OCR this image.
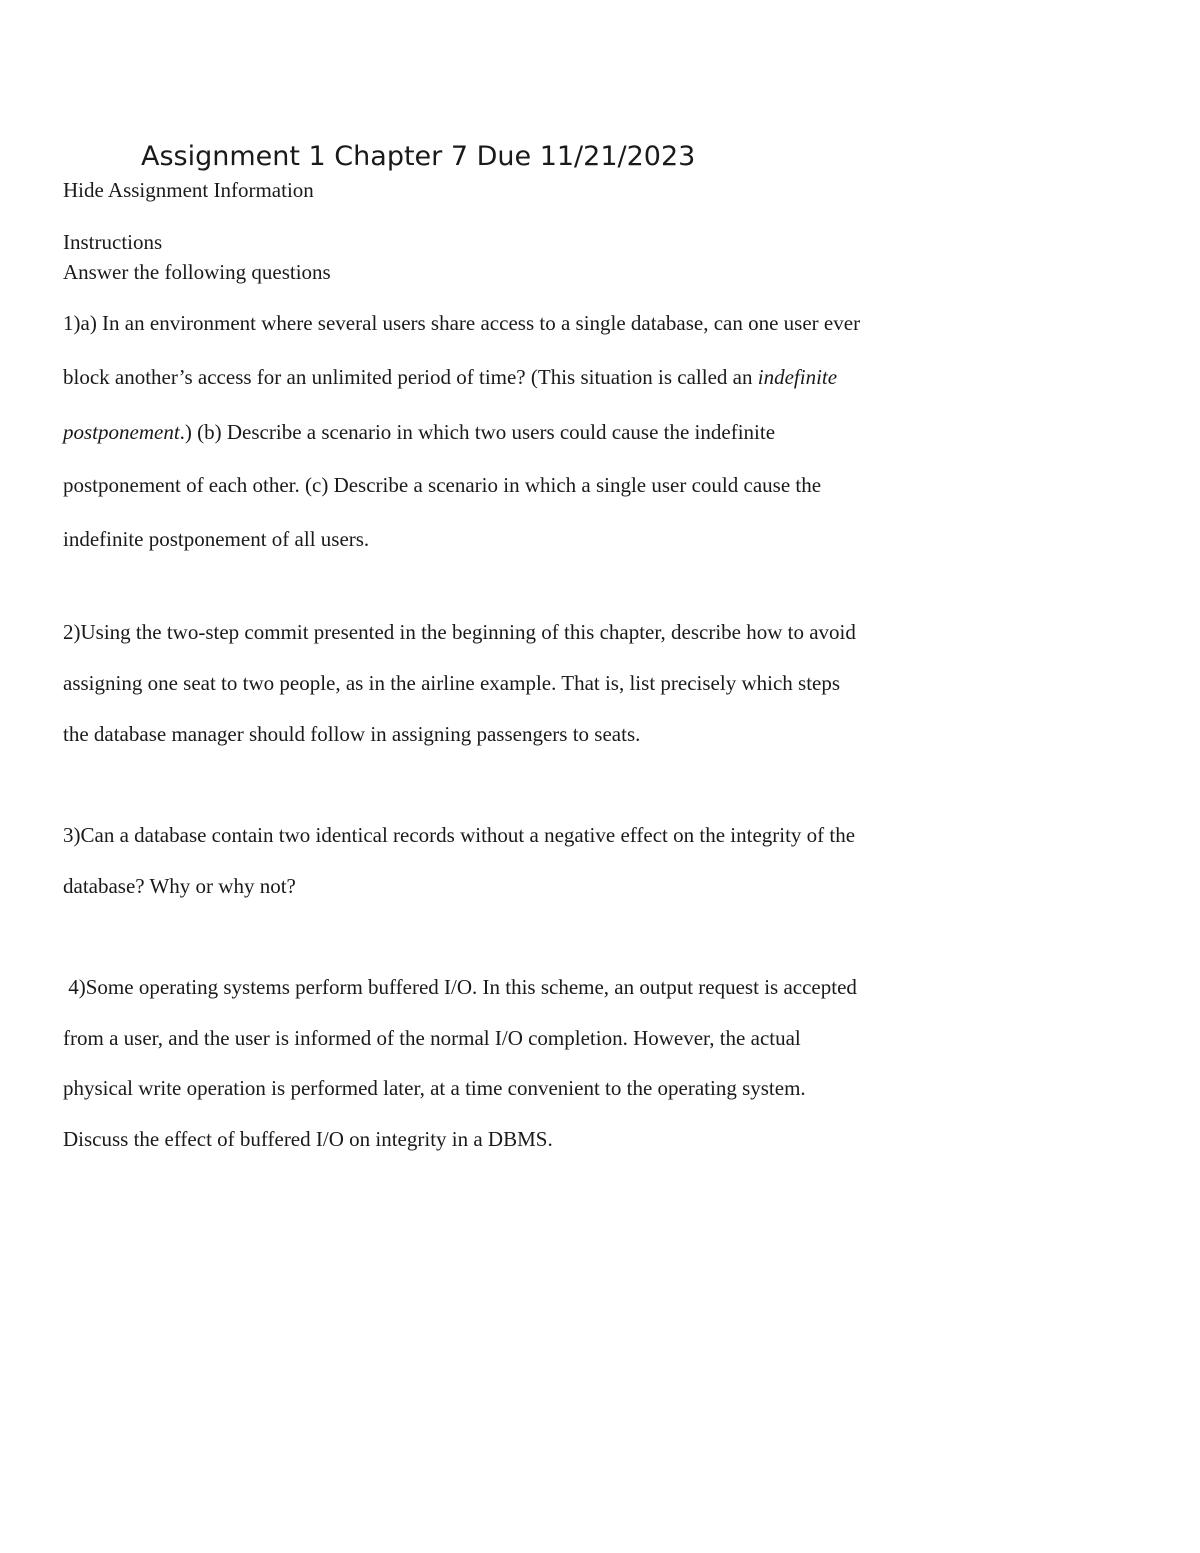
Assignment 1 Chapter 7 Due 11/21/2023
Hide Assignment Information
Instructions
Answer the following questions
1)a) In an environment where several users share access to a single database, can one user ever
block another’s access for an unlimited period of time? (This situation is called an indefinite
postponement.) (b) Describe a scenario in which two users could cause the indefinite
postponement of each other. (c) Describe a scenario in which a single user could cause the
indefinite postponement of all users.
2)Using the two-step commit presented in the beginning of this chapter, describe how to avoid
assigning one seat to two people, as in the airline example. That is, list precisely which steps
the database manager should follow in assigning passengers to seats.
3)Can a database contain two identical records without a negative effect on the integrity of the
database? Why or why not?
4)Some operating systems perform buffered I/O. In this scheme, an output request is accepted
from a user, and the user is informed of the normal I/O completion. However, the actual
physical write operation is performed later, at a time convenient to the operating system.
Discuss the effect of buffered I/O on integrity in a DBMS.
